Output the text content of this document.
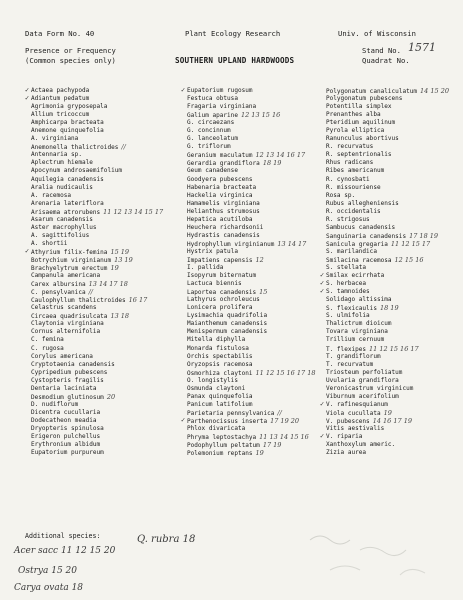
Data Form No. 40	Plant Ecology Research	Univ. of Wisconsin
Presence or Frequency
(Common species only)	SOUTHERN UPLAND HARDWOODS
Stand No. 1571
Quadrat No.
✓ Actaea pachypoda
✓ Adiantum pedatum
Agrimonia gryposepala
Allium tricoccum
Amphicarpa bracteata
Anemone quinquefolia
A. virginiana
Anemonella thalictroides //
Antennaria sp.
Aplectrum hiemale
Apocynum androsaemifolium
Aquilegia canadensis
Aralia nudicaulis
A. racemosa
Arenaria lateriflora
Arisaema atrorubens 11 12 13 14 15 17
Asarum canadensis
Aster macrophyllus
A. sagittifolius
A. shortii
✓ Athyrium filix-femina 15 19
Botrychium virginianum 13 19
Brachyelytrum erectum 19
Campanula americana
Carex albursina 13 14 17 18
C. pensylvanica //
Caulophyllum thalictroides 16 17
Celastrus scandens
Circaea quadrisulcata 13 18
Claytonia virginiana
Cornus alternifolia
C. femina
C. rugosa
Corylus americana
Cryptotaenia canadensis
Cypripedium pubescens
Cystopteris fragilis
Dentaria laciniata
Desmodium glutinosum 20
D. nudiflorum
Dicentra cucullaria
Dodecatheon meadia
Dryopteris spinulosa
Erigeron pulchellus
Erythronium albidum
Eupatorium purpureum
✓ Eupatorium rugosum
Festuca obtusa
Fragaria virginiana
Galium aparine 12 13 15 16
G. circaezans
G. concinnum
G. lanceolatum
G. triflorum
Geranium maculatum 12 13 14 16 17
Gerardia grandiflora 18 19
Geum canadense
Goodyera pubescens
Habenaria bracteata
Hackelia virginica
Hamamelis virginiana
Helianthus strumosus
Hepatica acutiloba
Heuchera richardsonii
Hydrastis canadensis
Hydrophyllum virginianum 13 14 17
Hystrix patula
Impatiens capensis 12
I. pallida
Isopyrum biternatum
Lactuca biennis
Laportea canadensis 15
Lathyrus ochroleucus
Lonicera prolifera
Lysimachia quadrifolia
Maianthemum canadensis
Menispermum canadensis
Mitella diphylla
Monarda fistulosa
Orchis spectabilis
Oryzopsis racemosa
Osmorhiza claytoni 11 12 15 16 17 18
O. longistylis
Osmunda claytoni
Panax quinquefolia
Panicum latifolium
Parietaria pennsylvanica //
✓ Parthenocissus inserta 17 19 20
Phlox divaricata
Phryma leptostachya 11 13 14 15 16
Podophyllum peltatum 17 19
Polemonium reptans 19
Polygonatum canaliculatum 14 15 20
Polygonatum pubescens
Potentilla simplex
Prenanthes alba
Pteridium aquilinum
Pyrola elliptica
Ranunculus abortivus
R. recurvatus
R. septentrionalis
Rhus radicans
Ribes americanum
R. cynosbati
R. missouriense
Rosa sp.
Rubus allegheniensis
R. occidentalis
R. strigosus
Sambucus canadensis
Sanguinaria canadensis 17 18 19
Sanicula gregaria 11 12 15 17
S. marilandica
Smilacina racemosa 12 15 16
S. stellata
✓ Smilax ecirrhata
✓ S. herbacea
✓ S. tamnoides
Solidago altissima
S. flexicaulis 18 19
S. ulmifolia
Thalictrum dioicum
Tovara virginiana
Trillium cernuum
T. flexipes 11 12 15 16 17
T. grandiflorum
T. recurvatum
Triosteum perfoliatum
Uvularia grandiflora
Veronicastrum virginicum
Viburnum acerifolium
✓ V. rafinesquianum
Viola cucullata 19
V. pubescens 14 16 17 19
Vitis aestivalis
✓ V. riparia
Xanthoxylum americ.
Zizia aurea
Additional species:	Q. rubra 18
Acer sacc 11 12 15 20
Ostrya 15 20
Carya ovata 18
